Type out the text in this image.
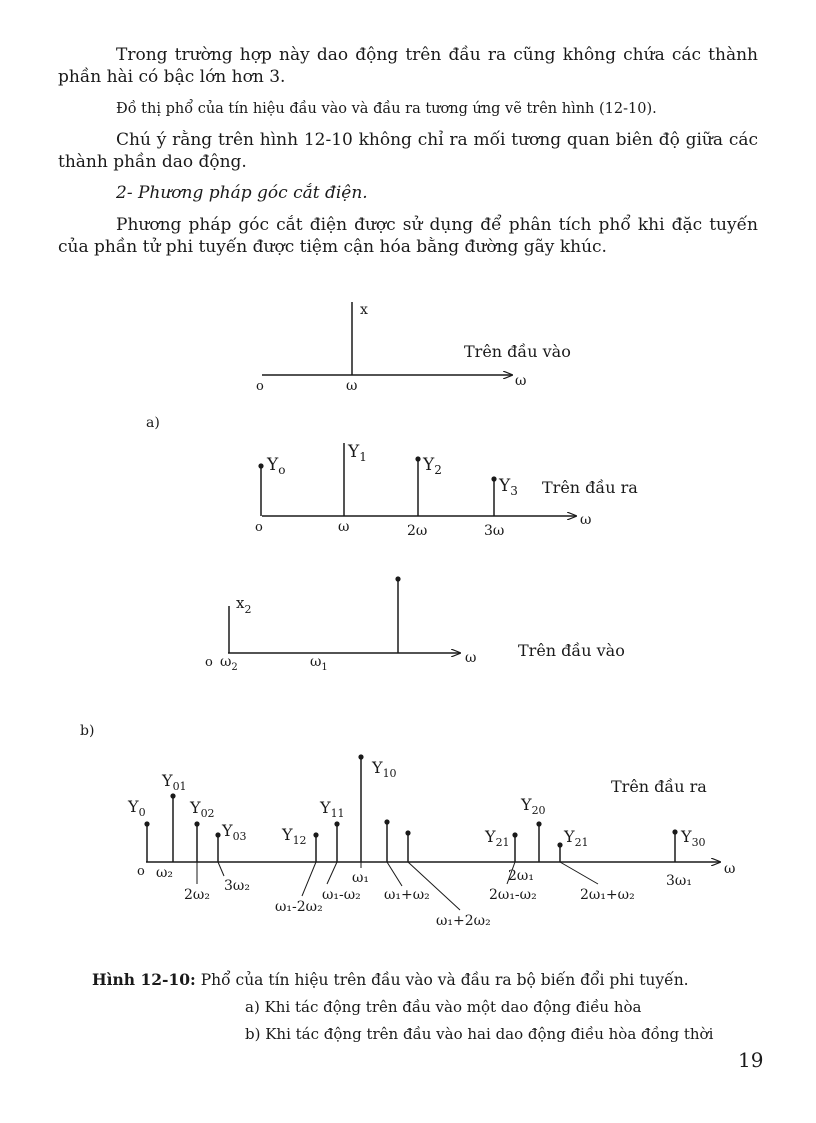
Trong trường hợp này dao động trên đầu ra cũng không chứa các thành phần hài có bậc lớn hơn 3.

Đồ thị phổ của tín hiệu đầu vào và đầu ra tương ứng vẽ trên hình (12-10).

Chú ý rằng trên hình 12-10 không chỉ ra mối tương quan biên độ giữa các thành phần dao động.

2- Phương pháp góc cắt điện.

Phương pháp góc cắt điện được sử dụng để phân tích phổ khi đặc tuyến của phần tử phi tuyến được tiệm cận hóa bằng đường gãy khúc.

x
Trên đầu vào
o	ω	ω
a)
$Y_o$
$Y_1$	$Y_2$
$Y_3$ Trên đầu ra
o	ω	2ω	3ω
ω
$x_2$
o $\omega_2$	$\omega_1$
ω	Trên đầu vào
b)
Trên đầu ra
$Y_0$
$Y_{01}$
$Y_{02}$
$Y_{03}$ $Y_{12}$
$Y_{11}$
$Y_{10}$
$Y_{21}$
$Y_{20}$
$Y_{21}$	$Y_{30}$
o ω₂
2ω₂
3ω₂
ω₁-2ω₂
ω₁-ω₂
ω₁
ω₁+ω₂
ω₁+2ω₂
2ω₁
2ω₁-ω₂	2ω₁+ω₂
3ω₁
ω

Hình 12-10: Phổ của tín hiệu trên đầu vào và đầu ra bộ biến đổi phi tuyến.

a) Khi tác động trên đầu vào một dao động điều hòa

b) Khi tác động trên đầu vào hai dao động điều hòa đồng thời

19
